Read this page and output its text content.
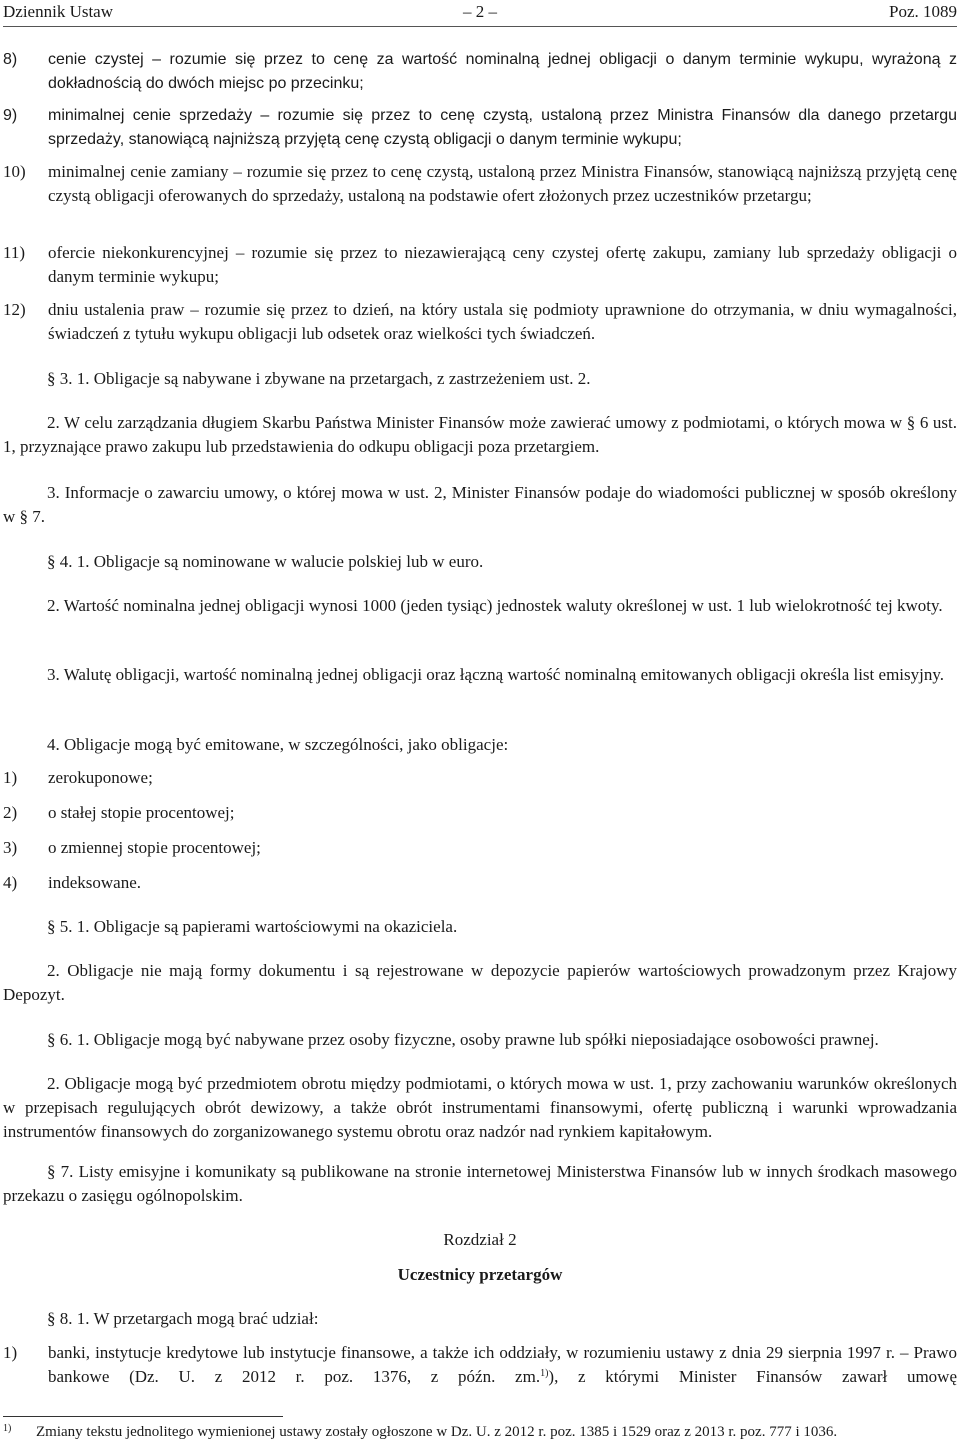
Dziennik Ustaw	– 2 –	Poz. 1089
8) cenie czystej – rozumie się przez to cenę za wartość nominalną jednej obligacji o danym terminie wykupu, wyrażoną z dokładnością do dwóch miejsc po przecinku;
9) minimalnej cenie sprzedaży – rozumie się przez to cenę czystą, ustaloną przez Ministra Finansów dla danego przetargu sprzedaży, stanowiącą najniższą przyjętą cenę czystą obligacji o danym terminie wykupu;
10) minimalnej cenie zamiany – rozumie się przez to cenę czystą, ustaloną przez Ministra Finansów, stanowiącą najniższą przyjętą cenę czystą obligacji oferowanych do sprzedaży, ustaloną na podstawie ofert złożonych przez uczestników przetargu;
11) ofercie niekonkurencyjnej – rozumie się przez to niezawierającą ceny czystej ofertę zakupu, zamiany lub sprzedaży obligacji o danym terminie wykupu;
12) dniu ustalenia praw – rozumie się przez to dzień, na który ustala się podmioty uprawnione do otrzymania, w dniu wymagalności, świadczeń z tytułu wykupu obligacji lub odsetek oraz wielkości tych świadczeń.
§ 3. 1. Obligacje są nabywane i zbywane na przetargach, z zastrzeżeniem ust. 2.
2. W celu zarządzania długiem Skarbu Państwa Minister Finansów może zawierać umowy z podmiotami, o których mowa w § 6 ust. 1, przyznające prawo zakupu lub przedstawienia do odkupu obligacji poza przetargiem.
3. Informacje o zawarciu umowy, o której mowa w ust. 2, Minister Finansów podaje do wiadomości publicznej w sposób określony w § 7.
§ 4. 1. Obligacje są nominowane w walucie polskiej lub w euro.
2. Wartość nominalna jednej obligacji wynosi 1000 (jeden tysiąc) jednostek waluty określonej w ust. 1 lub wielokrotność tej kwoty.
3. Walutę obligacji, wartość nominalną jednej obligacji oraz łączną wartość nominalną emitowanych obligacji określa list emisyjny.
4. Obligacje mogą być emitowane, w szczególności, jako obligacje:
1) zerokuponowe;
2) o stałej stopie procentowej;
3) o zmiennej stopie procentowej;
4) indeksowane.
§ 5. 1. Obligacje są papierami wartościowymi na okaziciela.
2. Obligacje nie mają formy dokumentu i są rejestrowane w depozycie papierów wartościowych prowadzonym przez Krajowy Depozyt.
§ 6. 1. Obligacje mogą być nabywane przez osoby fizyczne, osoby prawne lub spółki nieposiadające osobowości prawnej.
2. Obligacje mogą być przedmiotem obrotu między podmiotami, o których mowa w ust. 1, przy zachowaniu warunków określonych w przepisach regulujących obrót dewizowy, a także obrót instrumentami finansowymi, ofertę publiczną i warunki wprowadzania instrumentów finansowych do zorganizowanego systemu obrotu oraz nadzór nad rynkiem kapitałowym.
§ 7. Listy emisyjne i komunikaty są publikowane na stronie internetowej Ministerstwa Finansów lub w innych środkach masowego przekazu o zasięgu ogólnopolskim.
Rozdział 2
Uczestnicy przetargów
§ 8. 1. W przetargach mogą brać udział:
1) banki, instytucje kredytowe lub instytucje finansowe, a także ich oddziały, w rozumieniu ustawy z dnia 29 sierpnia 1997 r. – Prawo bankowe (Dz. U. z 2012 r. poz. 1376, z późn. zm.$^{1)}$), z którymi Minister Finansów zawarł umowę
1) Zmiany tekstu jednolitego wymienionej ustawy zostały ogłoszone w Dz. U. z 2012 r. poz. 1385 i 1529 oraz z 2013 r. poz. 777 i 1036.
